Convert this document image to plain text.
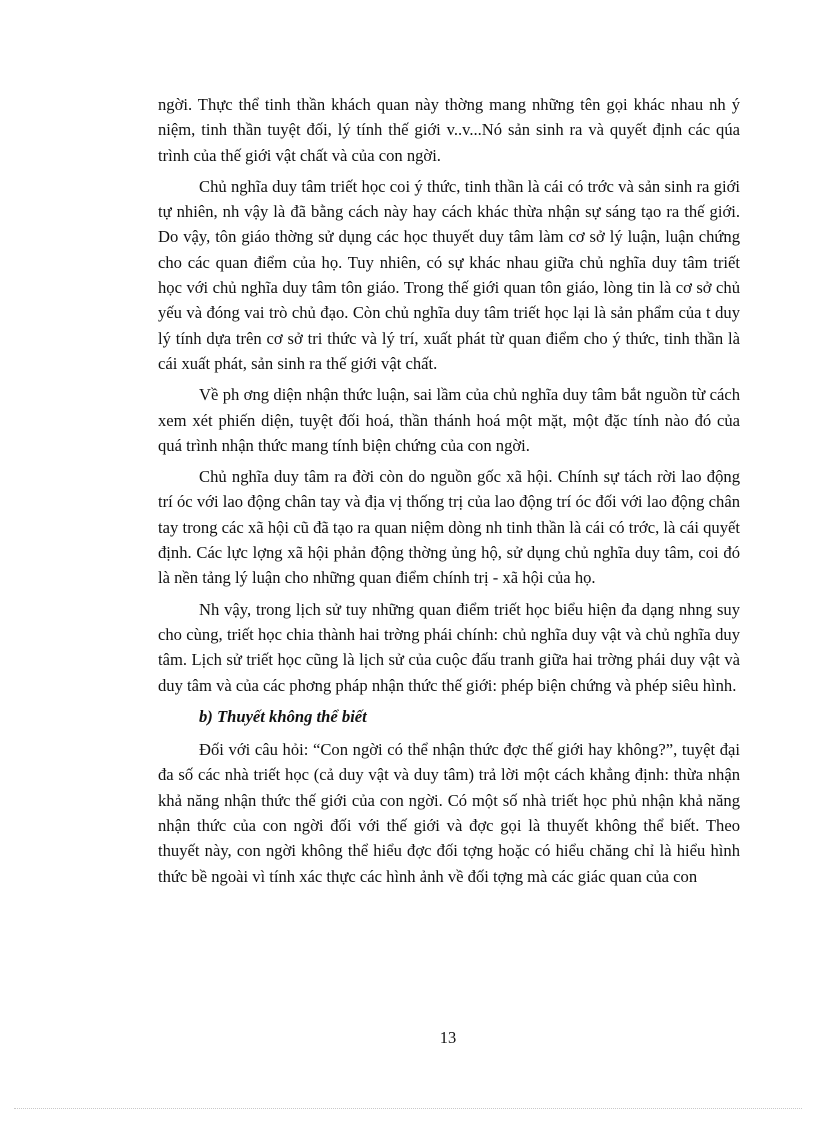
ngời. Thực thể tinh thần khách quan này thờng mang những tên gọi khác nhau nh ý niệm, tinh thần tuyệt đối, lý tính thế giới v..v...Nó sản sinh ra và quyết định các qúa trình của thế giới vật chất và của con ngời.

Chủ nghĩa duy tâm triết học coi ý thức, tinh thần là cái có trớc và sản sinh ra giới tự nhiên, nh vậy là đã bằng cách này hay cách khác thừa nhận sự sáng tạo ra thế giới. Do vậy, tôn giáo thờng sử dụng các học thuyết duy tâm làm cơ sở lý luận, luận chứng cho các quan điểm của họ. Tuy nhiên, có sự khác nhau giữa chủ nghĩa duy tâm triết học với chủ nghĩa duy tâm tôn giáo. Trong thế giới quan tôn giáo, lòng tin là cơ sở chủ yếu và đóng vai trò chủ đạo. Còn chủ nghĩa duy tâm triết học lại là sản phẩm của t duy lý tính dựa trên cơ sở tri thức và lý trí, xuất phát từ quan điểm cho ý thức, tinh thần là cái xuất phát, sản sinh ra thế giới vật chất.

Về ph ơng diện nhận thức luận, sai lầm của chủ nghĩa duy tâm bắt nguồn từ cách xem xét phiến diện, tuyệt đối hoá, thần thánh hoá một mặt, một đặc tính nào đó của quá trình nhận thức mang tính biện chứng của con ngời.

Chủ nghĩa duy tâm ra đời còn do nguồn gốc xã hội. Chính sự tách rời lao động trí óc với lao động chân tay và địa vị thống trị của lao động trí óc đối với lao động chân tay trong các xã hội cũ đã tạo ra quan niệm dòng nh tinh thần là cái có trớc, là cái quyết định. Các lực lợng xã hội phản động thờng ủng hộ, sử dụng chủ nghĩa duy tâm, coi đó là nền tảng lý luận cho những quan điểm chính trị - xã hội của họ.

Nh vậy, trong lịch sử tuy những quan điểm triết học biểu hiện đa dạng nhng suy cho cùng, triết học chia thành hai trờng phái chính: chủ nghĩa duy vật và chủ nghĩa duy tâm. Lịch sử triết học cũng là lịch sử của cuộc đấu tranh giữa hai trờng phái duy vật và duy tâm và của các phơng pháp nhận thức thế giới: phép biện chứng và phép siêu hình.

b) Thuyết không thể biết

Đối với câu hỏi: “Con ngời có thể nhận thức đợc thế giới hay không?”, tuyệt đại đa số các nhà triết học (cả duy vật và duy tâm) trả lời một cách khẳng định: thừa nhận khả năng nhận thức thế giới của con ngời. Có một số nhà triết học phủ nhận khả năng nhận thức của con ngời đối với thế giới và đợc gọi là thuyết không thể biết. Theo thuyết này, con ngời không thể hiểu đợc đối tợng hoặc có hiểu chăng chỉ là hiểu hình thức bề ngoài vì tính xác thực các hình ảnh về đối tợng mà các giác quan của con

13
